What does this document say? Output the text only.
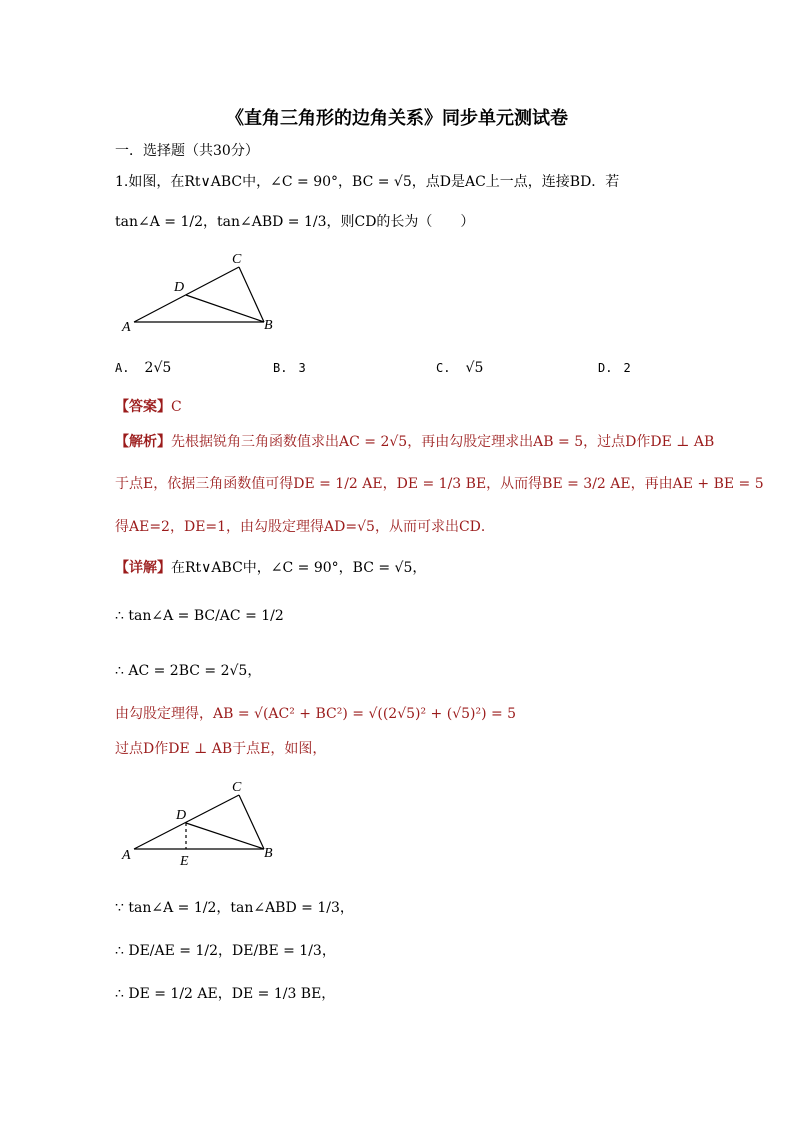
《直角三角形的边角关系》同步单元测试卷
一．选择题（共30分）
1.如图，在Rt∨ABC中，∠C = 90°，BC = √5，点D是AC上一点，连接BD．若
tan∠A = 1/2，tan∠ABD = 1/3，则CD的长为（　　）
A	B
C
D
A. 2√5	B. 3	C. √5	D. 2
【答案】C
【解析】先根据锐角三角函数值求出AC = 2√5，再由勾股定理求出AB = 5，过点D作DE ⊥ AB
于点E，依据三角函数值可得DE = 1/2 AE，DE = 1/3 BE，从而得BE = 3/2 AE，再由AE + BE = 5
得AE=2，DE=1，由勾股定理得AD=√5，从而可求出CD．
【详解】在Rt∨ABC中，∠C = 90°，BC = √5，
∴ tan∠A = BC/AC = 1/2
∴ AC = 2BC = 2√5，
由勾股定理得，AB = √(AC² + BC²) = √((2√5)² + (√5)²) = 5
过点D作DE ⊥ AB于点E，如图，
A	B
C
D
E
∵ tan∠A = 1/2，tan∠ABD = 1/3，
∴ DE/AE = 1/2，DE/BE = 1/3，
∴ DE = 1/2 AE，DE = 1/3 BE，
